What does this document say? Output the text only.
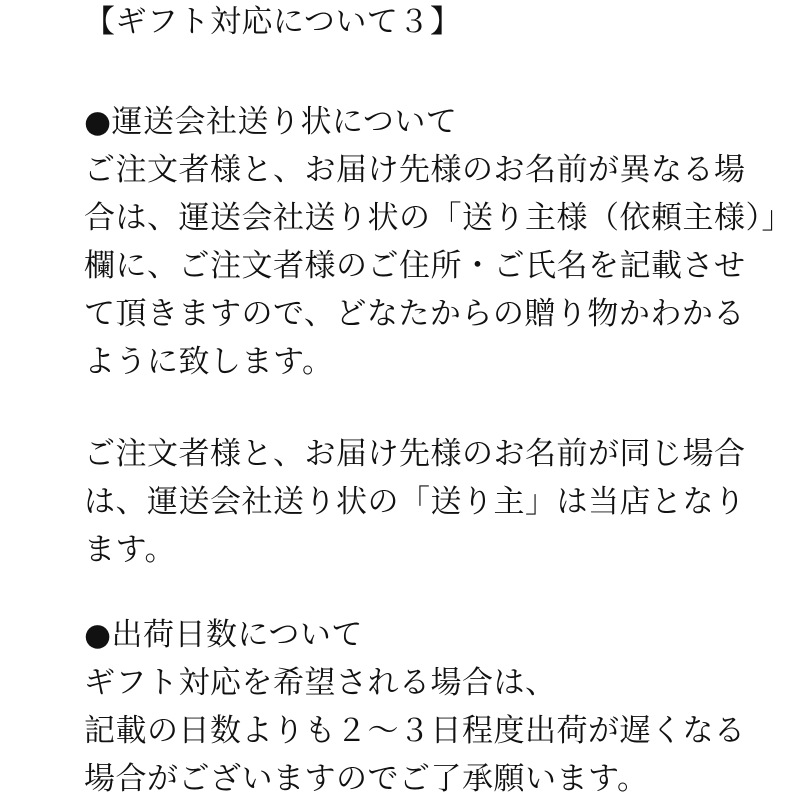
【ギフト対応について３】
●運送会社送り状について
ご注文者様と、お届け先様のお名前が異なる場
合は、運送会社送り状の「送り主様（依頼主様）」
欄に、ご注文者様のご住所・ご氏名を記載させ
て頂きますので、どなたからの贈り物かわかる
ように致します。
ご注文者様と、お届け先様のお名前が同じ場合
は、運送会社送り状の「送り主」は当店となり
ます。
●出荷日数について
ギフト対応を希望される場合は、
記載の日数よりも２〜３日程度出荷が遅くなる
場合がございますのでご了承願います。
